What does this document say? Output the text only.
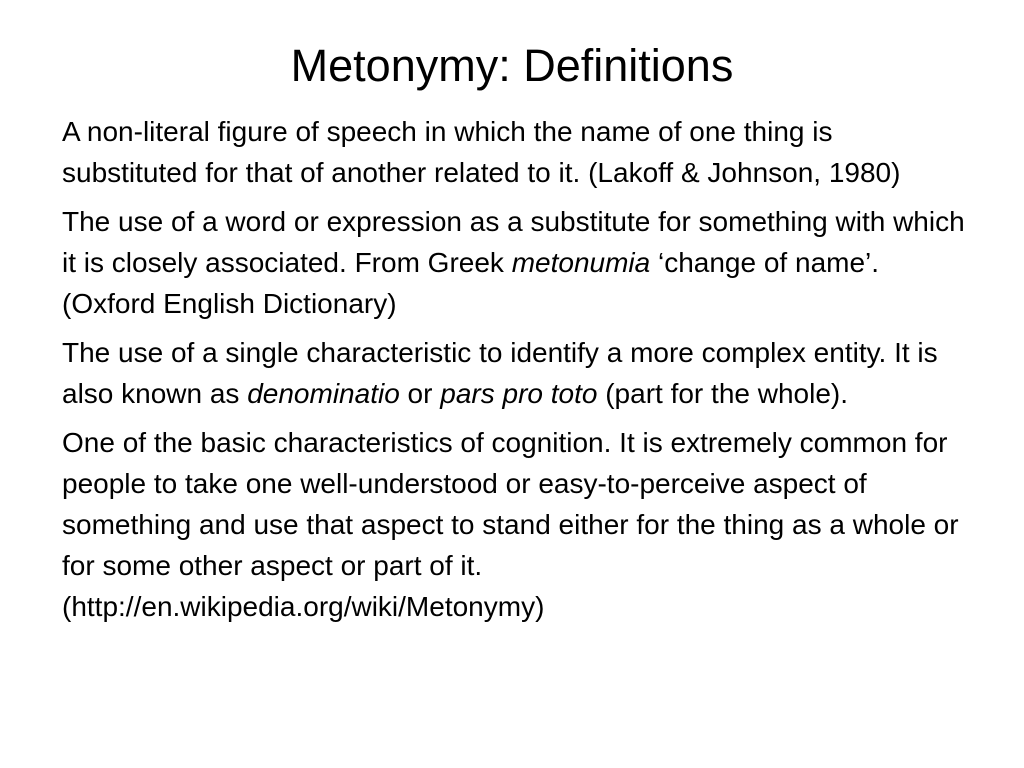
Metonymy: Definitions

A non-literal figure of speech in which the name of one thing is substituted for that of another related to it. (Lakoff & Johnson, 1980)

The use of a word or expression as a substitute for something with which it is closely associated. From Greek metonumia ‘change of name’. (Oxford English Dictionary)

The use of a single characteristic to identify a more complex entity. It is also known as denominatio or pars pro toto (part for the whole).

One of the basic characteristics of cognition. It is extremely common for people to take one well-understood or easy-to-perceive aspect of something and use that aspect to stand either for the thing as a whole or for some other aspect or part of it. (http://en.wikipedia.org/wiki/Metonymy)
